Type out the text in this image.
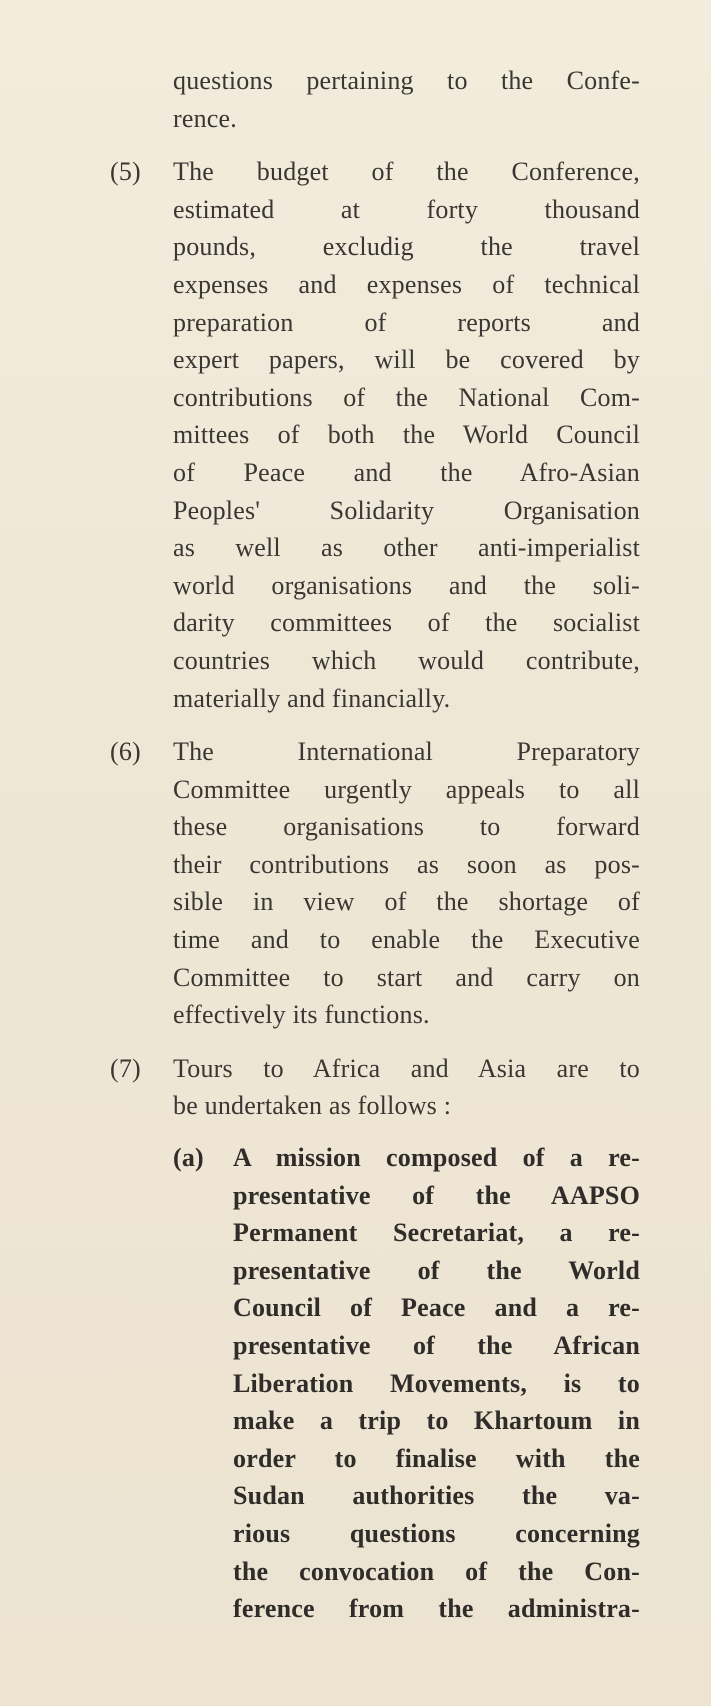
questions pertaining to the Confe-
rence.
(5) The budget of the Conference,
estimated at forty thousand
pounds, excludig the travel
expenses and expenses of technical
preparation of reports and
expert papers, will be covered by
contributions of the National Com-
mittees of both the World Council
of Peace and the Afro-Asian
Peoples' Solidarity Organisation
as well as other anti-imperialist
world organisations and the soli-
darity committees of the socialist
countries which would contribute,
materially and financially.
(6) The International Preparatory
Committee urgently appeals to all
these organisations to forward
their contributions as soon as pos-
sible in view of the shortage of
time and to enable the Executive
Committee to start and carry on
effectively its functions.
(7) Tours to Africa and Asia are to
be undertaken as follows :
(a) A mission composed of a re-
presentative of the AAPSO
Permanent Secretariat, a re-
presentative of the World
Council of Peace and a re-
presentative of the African
Liberation Movements, is to
make a trip to Khartoum in
order to finalise with the
Sudan authorities the va-
rious questions concerning
the convocation of the Con-
ference from the administra-
